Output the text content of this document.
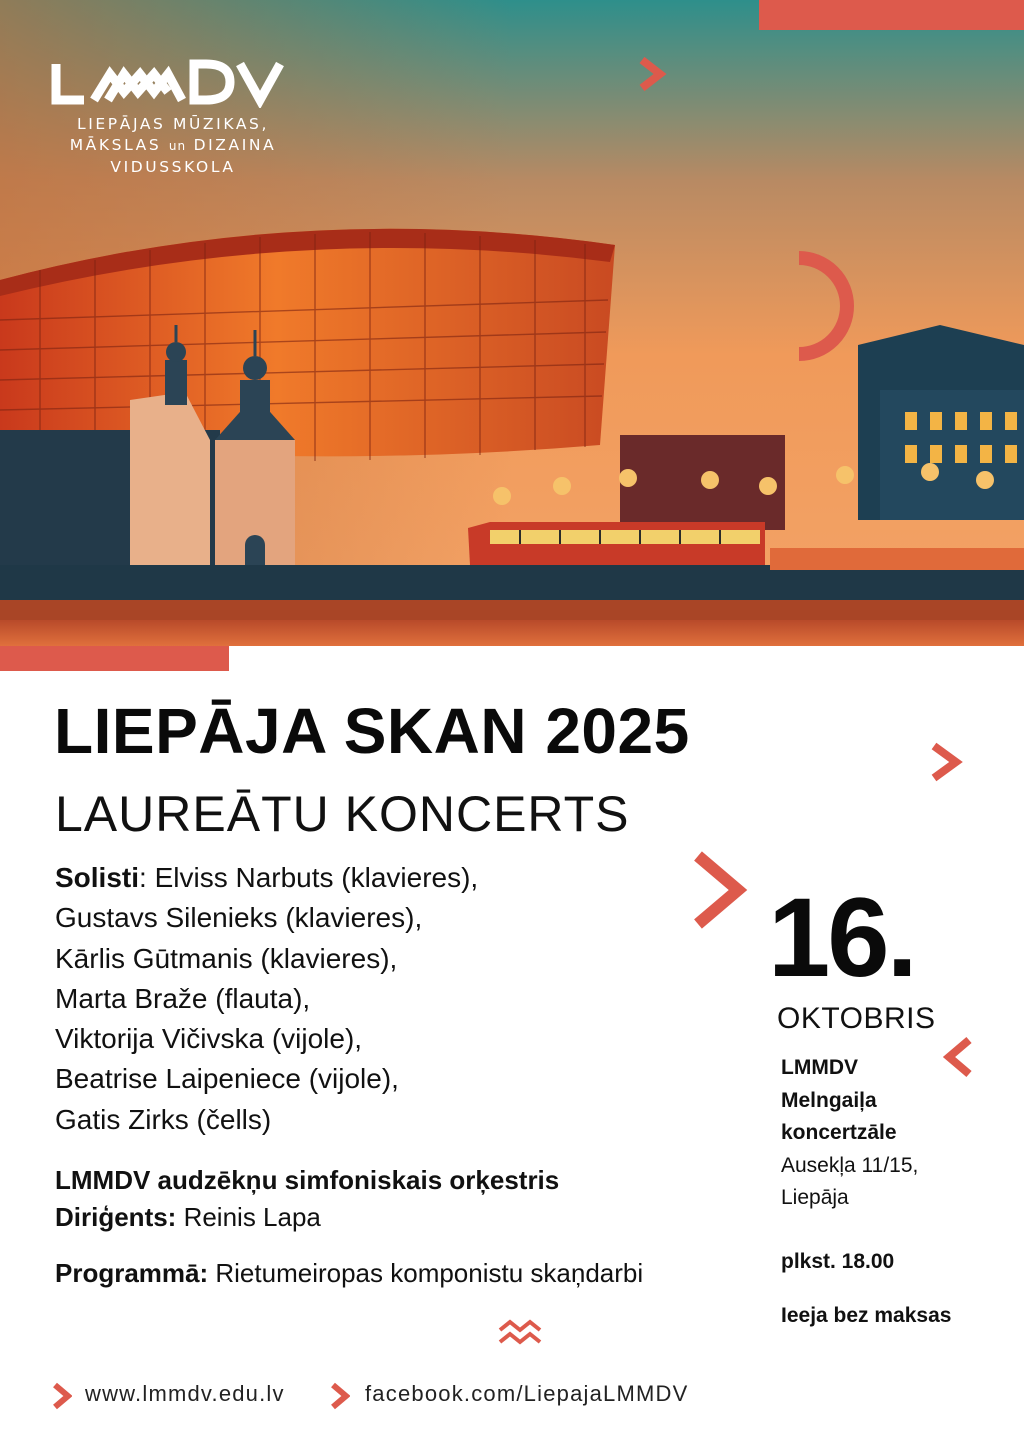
LIEPĀJAS MŪZIKAS,
MĀKSLAS un DIZAINA
VIDUSSKOLA
LIEPĀJA SKAN 2025
LAUREĀTU KONCERTS
Solisti: Elviss Narbuts (klavieres),
Gustavs Silenieks (klavieres),
Kārlis Gūtmanis (klavieres),
Marta Braže (flauta),
Viktorija Vičivska (vijole),
Beatrise Laipeniece (vijole),
Gatis Zirks (čells)
LMMDV audzēkņu simfoniskais orķestris
Diriģents: Reinis Lapa
Programmā: Rietumeiropas komponistu skaņdarbi
16.
OKTOBRIS
LMMDV
Melngaiļa
koncertzāle
Ausekļa 11/15,
Liepāja
plkst. 18.00
Ieeja bez maksas
www.lmmdv.edu.lv	facebook.com/LiepajaLMMDV
